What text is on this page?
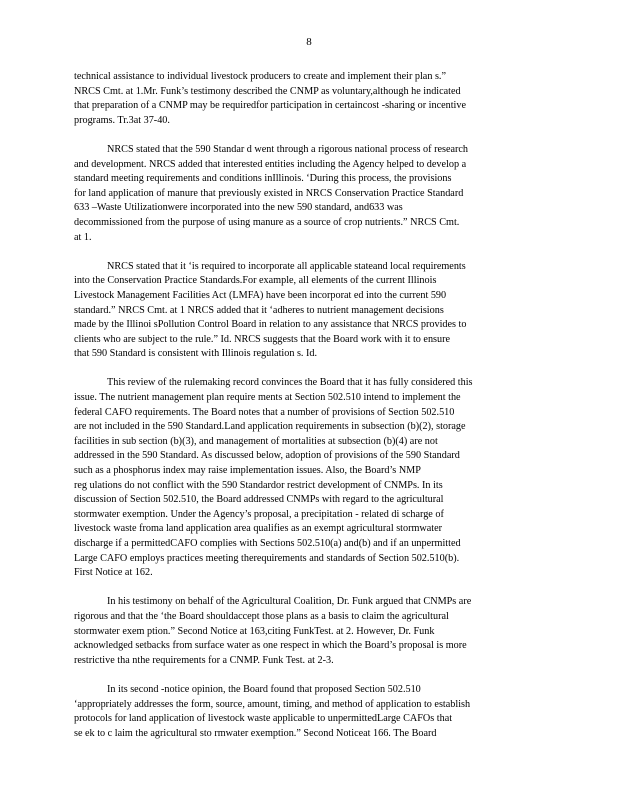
8

technical assistance to individual livestock producers to create and implement their plan s.”
NRCS Cmt. at 1.Mr. Funk’s testimony described the CNMP as voluntary,although he indicated
that preparation of a CNMP may be requiredfor participation in certaincost -sharing or incentive
programs. Tr.3at 37-40.

NRCS stated that the 590 Standar d went through a rigorous national process of research
and development. NRCS added that interested entities including the Agency helped to develop a
standard meeting requirements and conditions inIllinois. ‘During this process, the provisions
for land application of manure that previously existed in NRCS Conservation Practice Standard
633 –Waste Utilizationwere incorporated into the new 590 standard, and633 was
decommissioned from the purpose of using manure as a source of crop nutrients.” NRCS Cmt.
at 1.

NRCS stated that it ‘is required to incorporate all applicable stateand local requirements
into the Conservation Practice Standards.For example, all elements of the current Illinois
Livestock Management Facilities Act (LMFA) have been incorporat ed into the current 590
standard.” NRCS Cmt. at 1 NRCS added that it ‘adheres to nutrient management decisions
made by the Illinoi sPollution Control Board in relation to any assistance that NRCS provides to
clients who are subject to the rule.” Id. NRCS suggests that the Board work with it to ensure
that 590 Standard is consistent with Illinois regulation s. Id.

This review of the rulemaking record convinces the Board that it has fully considered this
issue. The nutrient management plan require ments at Section 502.510 intend to implement the
federal CAFO requirements. The Board notes that a number of provisions of Section 502.510
are not included in the 590 Standard.Land application requirements in subsection (b)(2), storage
facilities in sub section (b)(3), and management of mortalities at subsection (b)(4) are not
addressed in the 590 Standard. As discussed below, adoption of provisions of the 590 Standard
such as a phosphorus index may raise implementation issues. Also, the Board’s NMP
reg ulations do not conflict with the 590 Standardor restrict development of CNMPs. In its
discussion of Section 502.510, the Board addressed CNMPs with regard to the agricultural
stormwater exemption. Under the Agency’s proposal, a precipitation - related di scharge of
livestock waste froma land application area qualifies as an exempt agricultural stormwater
discharge if a permittedCAFO complies with Sections 502.510(a) and(b) and if an unpermitted
Large CAFO employs practices meeting therequirements and standards of Section 502.510(b).
First Notice at 162.

In his testimony on behalf of the Agricultural Coalition, Dr. Funk argued that CNMPs are
rigorous and that the ‘the Board shouldaccept those plans as a basis to claim the agricultural
stormwater exem ption.” Second Notice at 163,citing FunkTest. at 2. However, Dr. Funk
acknowledged setbacks from surface water as one respect in which the Board’s proposal is more
restrictive tha nthe requirements for a CNMP. Funk Test. at 2-3.

In its second -notice opinion, the Board found that proposed Section 502.510
‘appropriately addresses the form, source, amount, timing, and method of application to establish
protocols for land application of livestock waste applicable to unpermittedLarge CAFOs that
se ek to c laim the agricultural sto rmwater exemption.” Second Noticeat 166. The Board
